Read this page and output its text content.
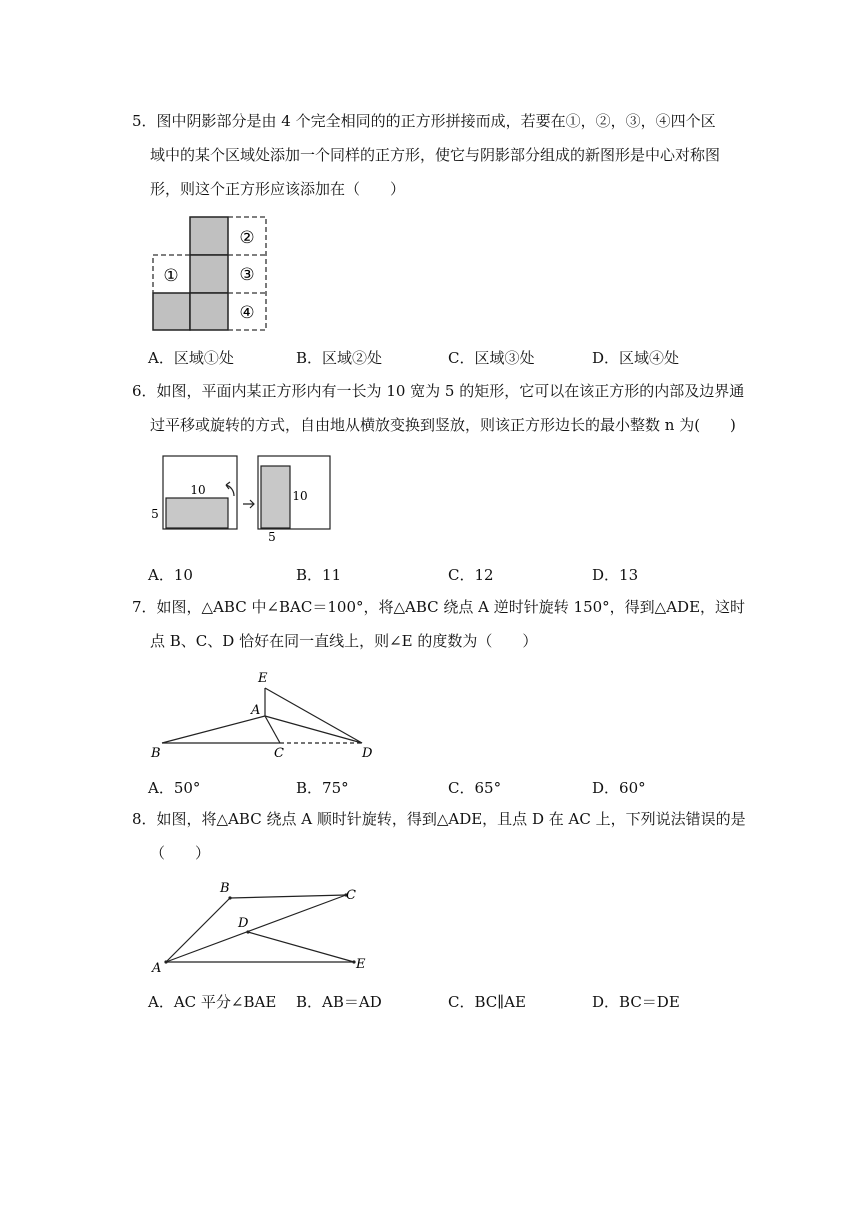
5．图中阴影部分是由 4 个完全相同的的正方形拼接而成，若要在①，②，③，④四个区
域中的某个区域处添加一个同样的正方形，使它与阴影部分组成的新图形是中心对称图
形，则这个正方形应该添加在（　　）
②
①	③
④
A．区域①处	B．区域②处	C．区域③处	D．区域④处
6．如图，平面内某正方形内有一长为 10 宽为 5 的矩形，它可以在该正方形的内部及边界通
过平移或旋转的方式，自由地从横放变换到竖放，则该正方形边长的最小整数 n 为(　　)
10
5
10
5
A．10	B．11	C．12	D．13
7．如图，△ABC 中∠BAC＝100°，将△ABC 绕点 A 逆时针旋转 150°，得到△ADE，这时
点 B、C、D 恰好在同一直线上，则∠E 的度数为（　　）
E
A
B	C	D
A．50°	B．75°	C．65°	D．60°
8．如图，将△ABC 绕点 A 顺时针旋转，得到△ADE，且点 D 在 AC 上，下列说法错误的是
（　　）
B	C
D
A	E
A．AC 平分∠BAE B．AB＝AD	C．BC∥AE	D．BC＝DE
